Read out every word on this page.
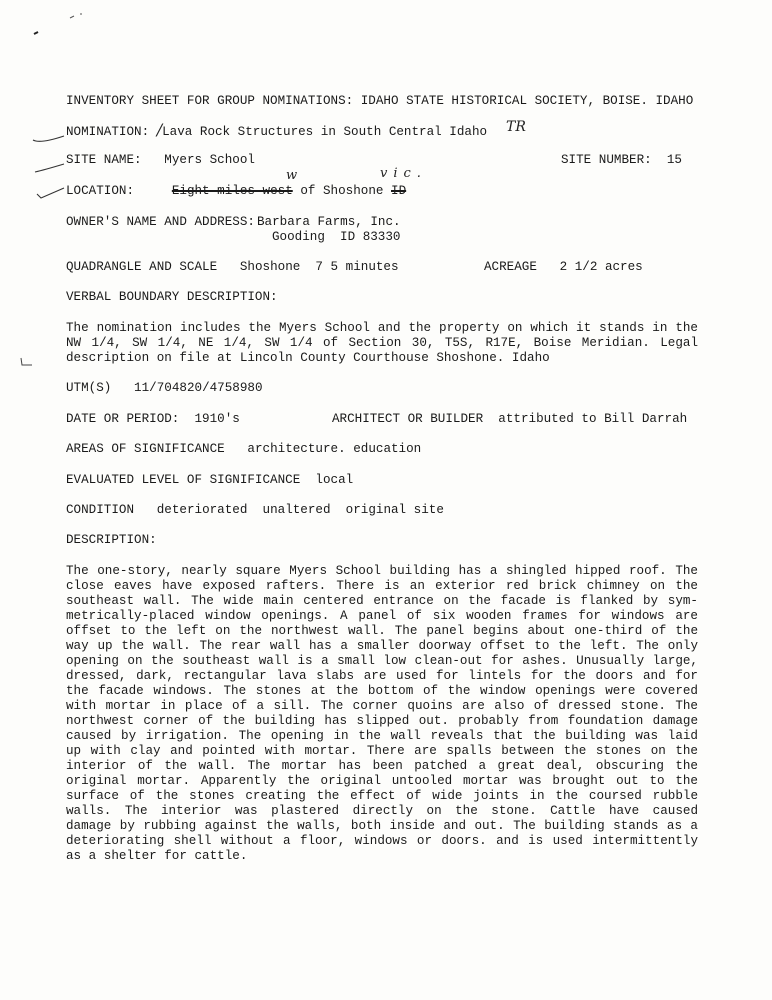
INVENTORY SHEET FOR GROUP NOMINATIONS: IDAHO STATE HISTORICAL SOCIETY, BOISE. IDAHO
NOMINATION: /Lava Rock Structures in South Central Idaho TR
SITE NAME: Myers School	SITE NUMBER: 15
LOCATION:	Eight miles west of Shoshone ID
w	vic.
OWNER'S NAME AND ADDRESS: Barbara Farms, Inc.
Gooding  ID 83330
QUADRANGLE AND SCALE Shoshone  7 5 minutes	ACREAGE 2 1/2 acres
VERBAL BOUNDARY DESCRIPTION:
The nomination includes the Myers School and the property on which it stands in the
NW 1/4, SW 1/4, NE 1/4, SW 1/4 of Section 30, T5S, R17E, Boise Meridian. Legal
description on file at Lincoln County Courthouse Shoshone. Idaho
UTM(S) 11/704820/4758980
DATE OR PERIOD: 1910's	ARCHITECT OR BUILDER attributed to Bill Darrah
AREAS OF SIGNIFICANCE architecture. education
EVALUATED LEVEL OF SIGNIFICANCE local
CONDITION deteriorated  unaltered  original site
DESCRIPTION:
The one-story, nearly square Myers School building has a shingled hipped roof. The
close eaves have exposed rafters. There is an exterior red brick chimney on the
southeast wall. The wide main centered entrance on the facade is flanked by sym-
metrically-placed window openings. A panel of six wooden frames for windows are
offset to the left on the northwest wall. The panel begins about one-third of the
way up the wall. The rear wall has a smaller doorway offset to the left. The only
opening on the southeast wall is a small low clean-out for ashes. Unusually large,
dressed, dark, rectangular lava slabs are used for lintels for the doors and for
the facade windows. The stones at the bottom of the window openings were covered
with mortar in place of a sill. The corner quoins are also of dressed stone. The
northwest corner of the building has slipped out. probably from foundation damage
caused by irrigation. The opening in the wall reveals that the building was laid
up with clay and pointed with mortar. There are spalls between the stones on the
interior of the wall. The mortar has been patched a great deal, obscuring the
original mortar. Apparently the original untooled mortar was brought out to the
surface of the stones creating the effect of wide joints in the coursed rubble
walls. The interior was plastered directly on the stone. Cattle have caused
damage by rubbing against the walls, both inside and out. The building stands as a
deteriorating shell without a floor, windows or doors. and is used intermittently
as a shelter for cattle.
